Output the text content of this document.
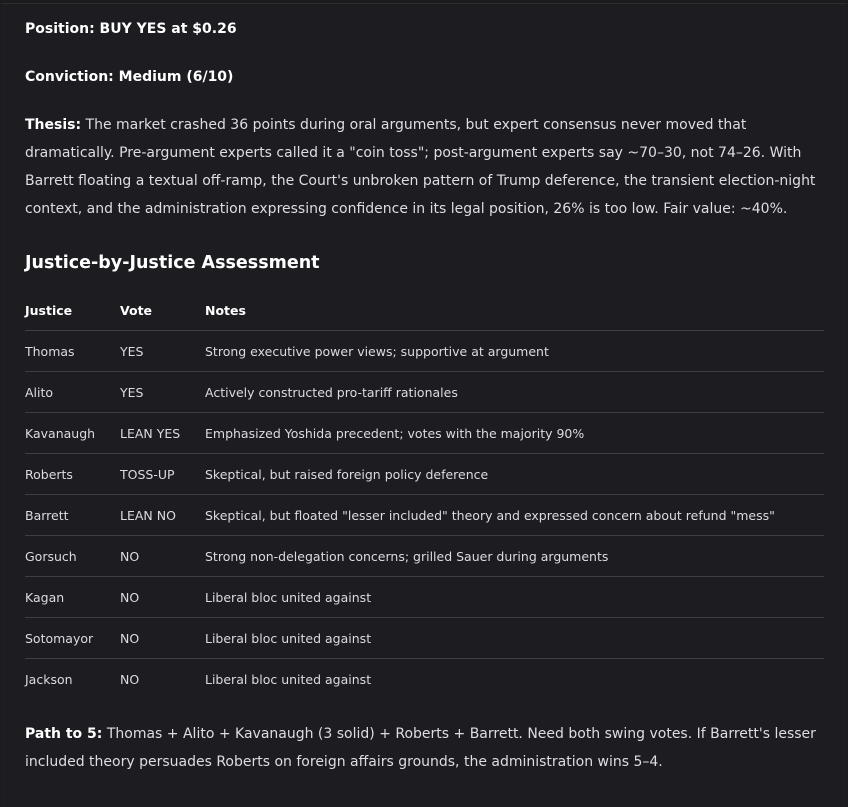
Position: BUY YES at $0.26
Conviction: Medium (6/10)

Thesis: The market crashed 36 points during oral arguments, but expert consensus never moved that dramatically. Pre-argument experts called it a "coin toss"; post-argument experts say ~70–30, not 74–26. With Barrett floating a textual off-ramp, the Court's unbroken pattern of Trump deference, the transient election-night context, and the administration expressing confidence in its legal position, 26% is too low. Fair value: ~40%.

Justice-by-Justice Assessment
Justice	Vote	Notes
Thomas	YES	Strong executive power views; supportive at argument
Alito	YES	Actively constructed pro-tariff rationales
Kavanaugh	LEAN YES	Emphasized Yoshida precedent; votes with the majority 90%
Roberts	TOSS-UP	Skeptical, but raised foreign policy deference
Barrett	LEAN NO	Skeptical, but floated "lesser included" theory and expressed concern about refund "mess"
Gorsuch	NO	Strong non-delegation concerns; grilled Sauer during arguments
Kagan	NO	Liberal bloc united against
Sotomayor	NO	Liberal bloc united against
Jackson	NO	Liberal bloc united against

Path to 5: Thomas + Alito + Kavanaugh (3 solid) + Roberts + Barrett. Need both swing votes. If Barrett's lesser included theory persuades Roberts on foreign affairs grounds, the administration wins 5–4.
